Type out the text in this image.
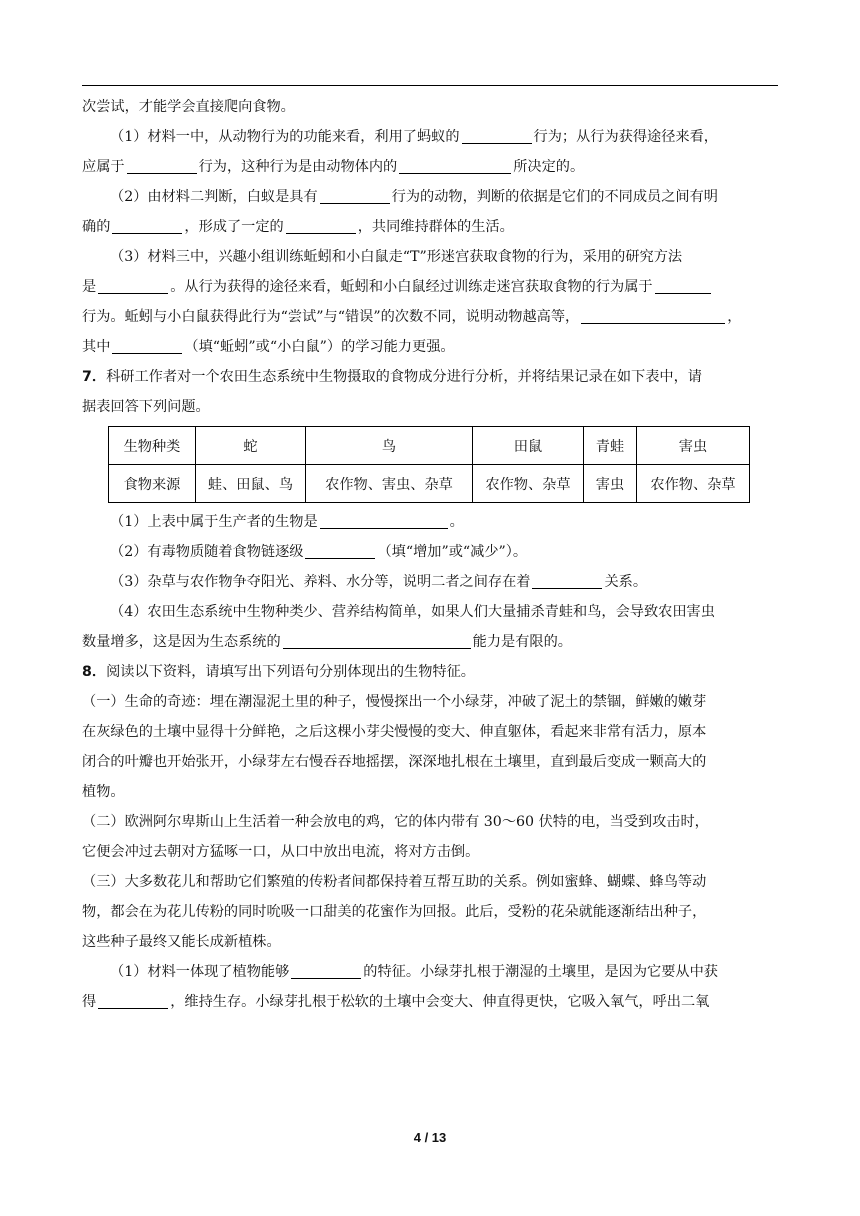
次尝试，才能学会直接爬向食物。

（1）材料一中，从动物行为的功能来看，利用了蚂蚁的	行为；从行为获得途径来看，

应属于	行为，这种行为是由动物体内的	所决定的。

（2）由材料二判断，白蚁是具有	行为的动物，判断的依据是它们的不同成员之间有明

确的	，形成了一定的	，共同维持群体的生活。

（3）材料三中，兴趣小组训练蚯蚓和小白鼠走“T”形迷宫获取食物的行为，采用的研究方法

是	。从行为获得的途径来看，蚯蚓和小白鼠经过训练走迷宫获取食物的行为属于

行为。蚯蚓与小白鼠获得此行为“尝试”与“错误”的次数不同，说明动物越高等，	，

其中	（填“蚯蚓”或“小白鼠”）的学习能力更强。

7．科研工作者对一个农田生态系统中生物摄取的食物成分进行分析，并将结果记录在如下表中，请

据表回答下列问题。

生物种类	蛇	鸟	田鼠	青蛙	害虫
食物来源	蛙、田鼠、鸟	农作物、害虫、杂草	农作物、杂草	害虫	农作物、杂草

（1）上表中属于生产者的生物是	。

（2）有毒物质随着食物链逐级	（填“增加”或“减少”）。

（3）杂草与农作物争夺阳光、养料、水分等，说明二者之间存在着	关系。

（4）农田生态系统中生物种类少、营养结构简单，如果人们大量捕杀青蛙和鸟，会导致农田害虫

数量增多，这是因为生态系统的	能力是有限的。

8．阅读以下资料，请填写出下列语句分别体现出的生物特征。

（一）生命的奇迹：埋在潮湿泥土里的种子，慢慢探出一个小绿芽，冲破了泥土的禁锢，鲜嫩的嫩芽

在灰绿色的土壤中显得十分鲜艳，之后这棵小芽尖慢慢的变大、伸直躯体，看起来非常有活力，原本

闭合的叶瓣也开始张开，小绿芽左右慢吞吞地摇摆，深深地扎根在土壤里，直到最后变成一颗高大的

植物。

（二）欧洲阿尔卑斯山上生活着一种会放电的鸡，它的体内带有 30～60 伏特的电，当受到攻击时，

它便会冲过去朝对方猛啄一口，从口中放出电流，将对方击倒。

（三）大多数花儿和帮助它们繁殖的传粉者间都保持着互帮互助的关系。例如蜜蜂、蝴蝶、蜂鸟等动

物，都会在为花儿传粉的同时吮吸一口甜美的花蜜作为回报。此后，受粉的花朵就能逐渐结出种子，

这些种子最终又能长成新植株。

（1）材料一体现了植物能够	的特征。小绿芽扎根于潮湿的土壤里，是因为它要从中获

得	，维持生存。小绿芽扎根于松软的土壤中会变大、伸直得更快，它吸入氧气，呼出二氧

4 / 13
